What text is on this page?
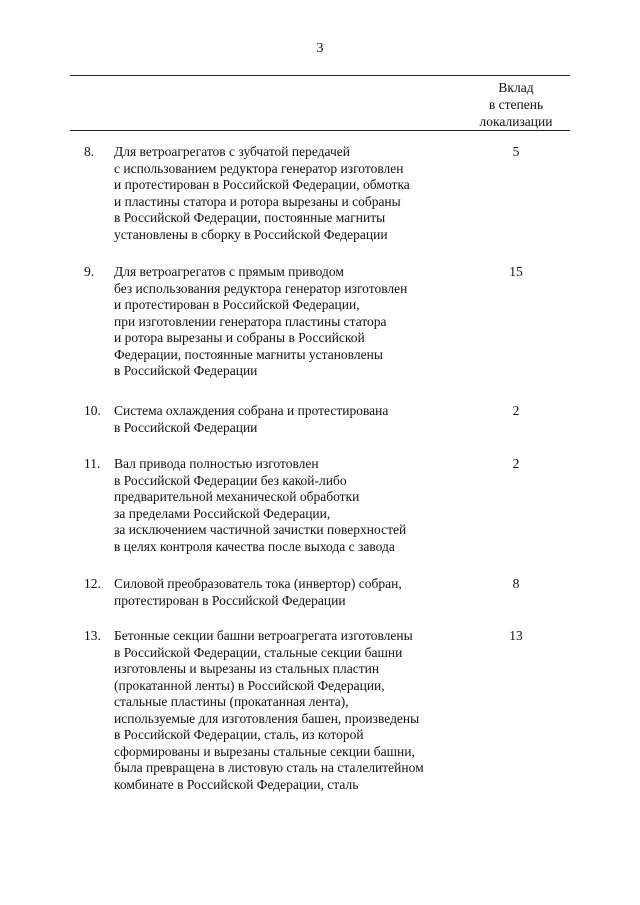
3
Вклад
в степень
локализации
8. Для ветроагрегатов с зубчатой передачей
с использованием редуктора генератор изготовлен
и протестирован в Российской Федерации, обмотка
и пластины статора и ротора вырезаны и собраны
в Российской Федерации, постоянные магниты
установлены в сборку в Российской Федерации
5
9. Для ветроагрегатов с прямым приводом
без использования редуктора генератор изготовлен
и протестирован в Российской Федерации,
при изготовлении генератора пластины статора
и ротора вырезаны и собраны в Российской
Федерации, постоянные магниты установлены
в Российской Федерации
15
10. Система охлаждения собрана и протестирована
в Российской Федерации
2
11. Вал привода полностью изготовлен
в Российской Федерации без какой-либо
предварительной механической обработки
за пределами Российской Федерации,
за исключением частичной зачистки поверхностей
в целях контроля качества после выхода с завода
2
12. Силовой преобразователь тока (инвертор) собран,
протестирован в Российской Федерации
8
13. Бетонные секции башни ветроагрегата изготовлены
в Российской Федерации, стальные секции башни
изготовлены и вырезаны из стальных пластин
(прокатанной ленты) в Российской Федерации,
стальные пластины (прокатанная лента),
используемые для изготовления башен, произведены
в Российской Федерации, сталь, из которой
сформированы и вырезаны стальные секции башни,
была превращена в листовую сталь на сталелитейном
комбинате в Российской Федерации, сталь
13
